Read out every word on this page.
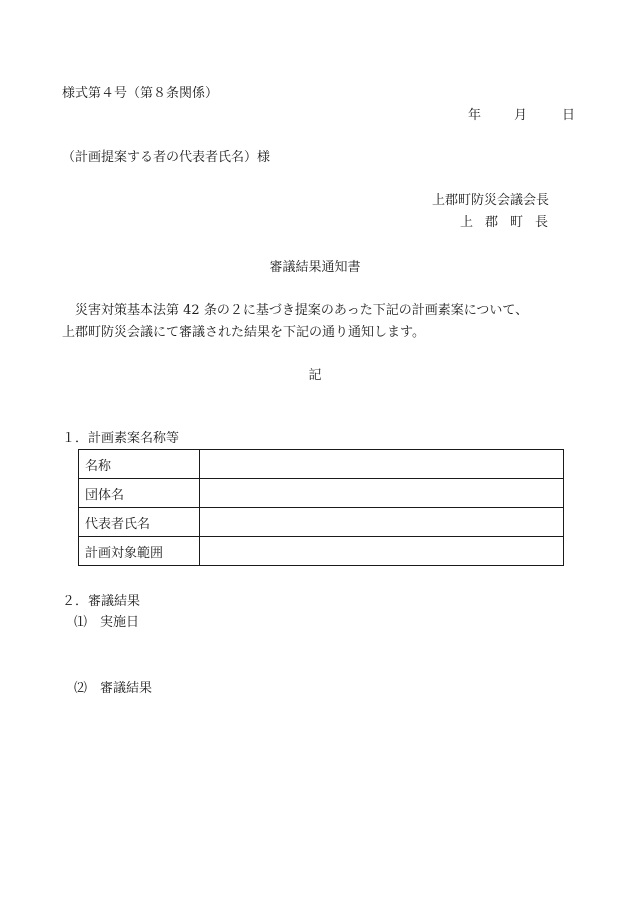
様式第４号（第８条関係）
年	月	日
（計画提案する者の代表者氏名）様
上郡町防災会議会長
上郡町長
審議結果通知書
　災害対策基本法第 42 条の２に基づき提案のあった下記の計画素案について、
上郡町防災会議にて審議された結果を下記の通り通知します。
記
１．計画素案名称等
名称	
団体名	
代表者氏名	
計画対象範囲	
２．審議結果
⑴ 実施日
⑵ 審議結果
